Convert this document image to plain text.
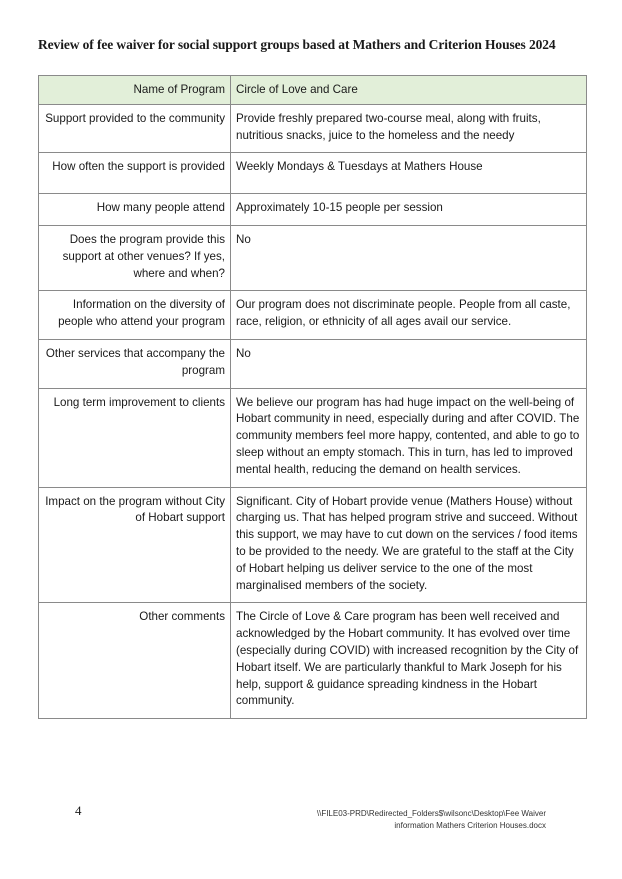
Review of fee waiver for social support groups based at Mathers and Criterion Houses 2024
Name of Program	Circle of Love and Care
Support provided to the community	Provide freshly prepared two-course meal, along with fruits, nutritious snacks, juice to the homeless and the needy
How often the support is provided	Weekly Mondays & Tuesdays at Mathers House
How many people attend	Approximately 10-15 people per session
Does the program provide this support at other venues? If yes, where and when?	No
Information on the diversity of people who attend your program	Our program does not discriminate people. People from all caste, race, religion, or ethnicity of all ages avail our service.
Other services that accompany the program	No
Long term improvement to clients	We believe our program has had huge impact on the well-being of Hobart community in need, especially during and after COVID. The community members feel more happy, contented, and able to go to sleep without an empty stomach. This in turn, has led to improved mental health, reducing the demand on health services.
Impact on the program without City of Hobart support	Significant. City of Hobart provide venue (Mathers House) without charging us. That has helped program strive and succeed. Without this support, we may have to cut down on the services / food items to be provided to the needy. We are grateful to the staff at the City of Hobart helping us deliver service to the one of the most marginalised members of the society.
Other comments	The Circle of Love & Care program has been well received and acknowledged by the Hobart community. It has evolved over time (especially during COVID) with increased recognition by the City of Hobart itself. We are particularly thankful to Mark Joseph for his help, support & guidance spreading kindness in the Hobart community.
4	\\FILE03-PRD\Redirected_Folders$\wilsonc\Desktop\Fee Waiver
information Mathers Criterion Houses.docx
